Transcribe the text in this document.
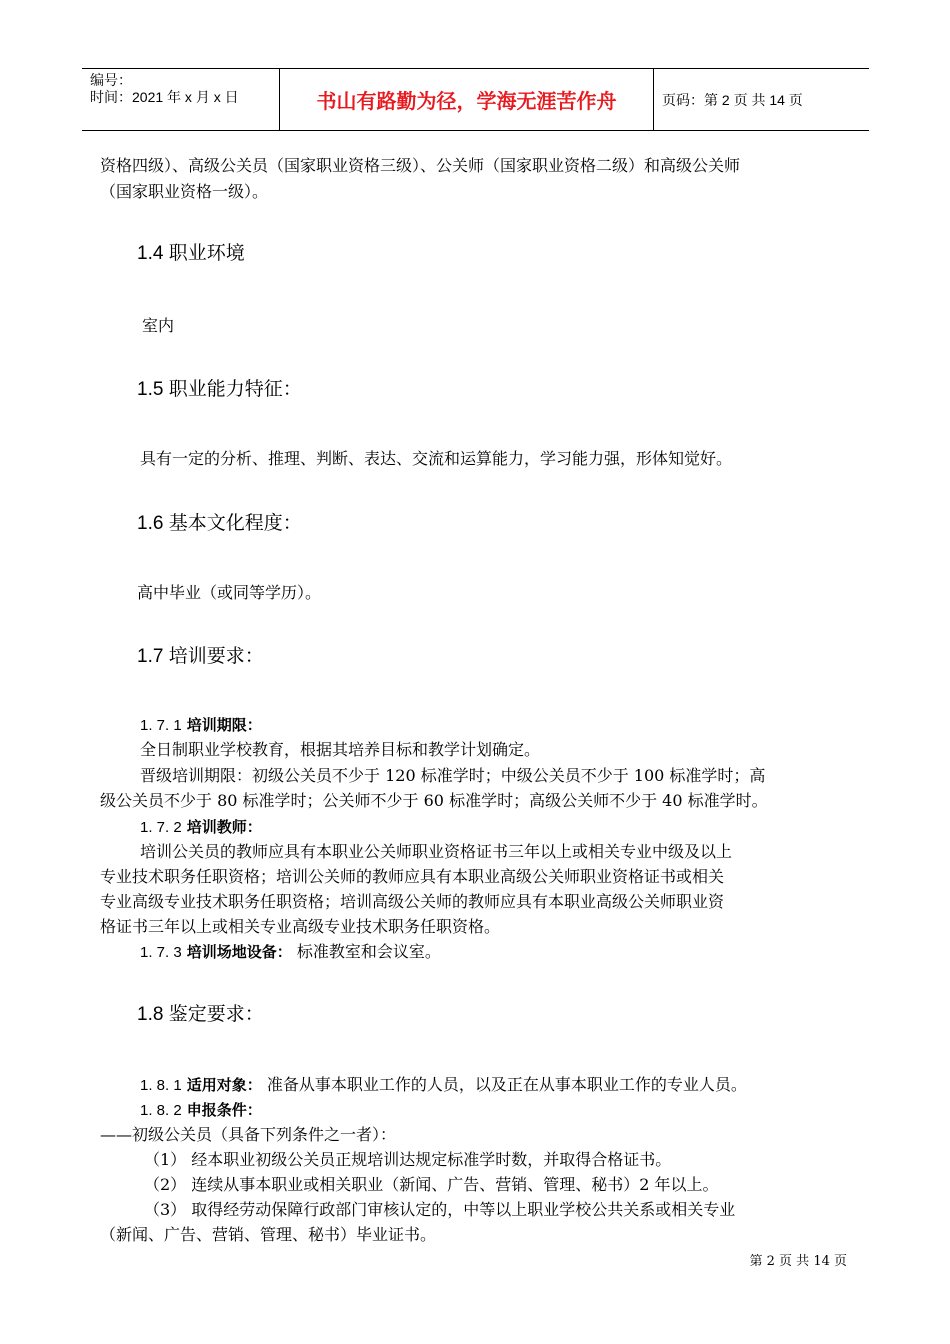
编号：
时间：2021 年 x 月 x 日	书山有路勤为径，学海无涯苦作舟	页码：第 2 页 共 14 页
资格四级）、高级公关员（国家职业资格三级）、公关师（国家职业资格二级）和高级公关师
（国家职业资格一级）。
1.4 职业环境
室内
1.5 职业能力特征：
具有一定的分析、推理、判断、表达、交流和运算能力，学习能力强，形体知觉好。
1.6 基本文化程度：
高中毕业（或同等学历）。
1.7 培训要求：
1. 7. 1 培训期限：
全日制职业学校教育，根据其培养目标和教学计划确定。
晋级培训期限：初级公关员不少于 120 标准学时；中级公关员不少于 100 标准学时；高
级公关员不少于 80 标准学时；公关师不少于 60 标准学时；高级公关师不少于 40 标准学时。
1. 7. 2 培训教师：
培训公关员的教师应具有本职业公关师职业资格证书三年以上或相关专业中级及以上
专业技术职务任职资格；培训公关师的教师应具有本职业高级公关师职业资格证书或相关
专业高级专业技术职务任职资格；培训高级公关师的教师应具有本职业高级公关师职业资
格证书三年以上或相关专业高级专业技术职务任职资格。
1. 7. 3 培训场地设备： 标准教室和会议室。
1.8 鉴定要求：
1. 8. 1 适用对象： 准备从事本职业工作的人员，以及正在从事本职业工作的专业人员。
1. 8. 2 申报条件：
——初级公关员（具备下列条件之一者）：
（1） 经本职业初级公关员正规培训达规定标准学时数，并取得合格证书。
（2） 连续从事本职业或相关职业（新闻、广告、营销、管理、秘书）2 年以上。
（3） 取得经劳动保障行政部门审核认定的，中等以上职业学校公共关系或相关专业
（新闻、广告、营销、管理、秘书）毕业证书。
第 2 页 共 14 页
